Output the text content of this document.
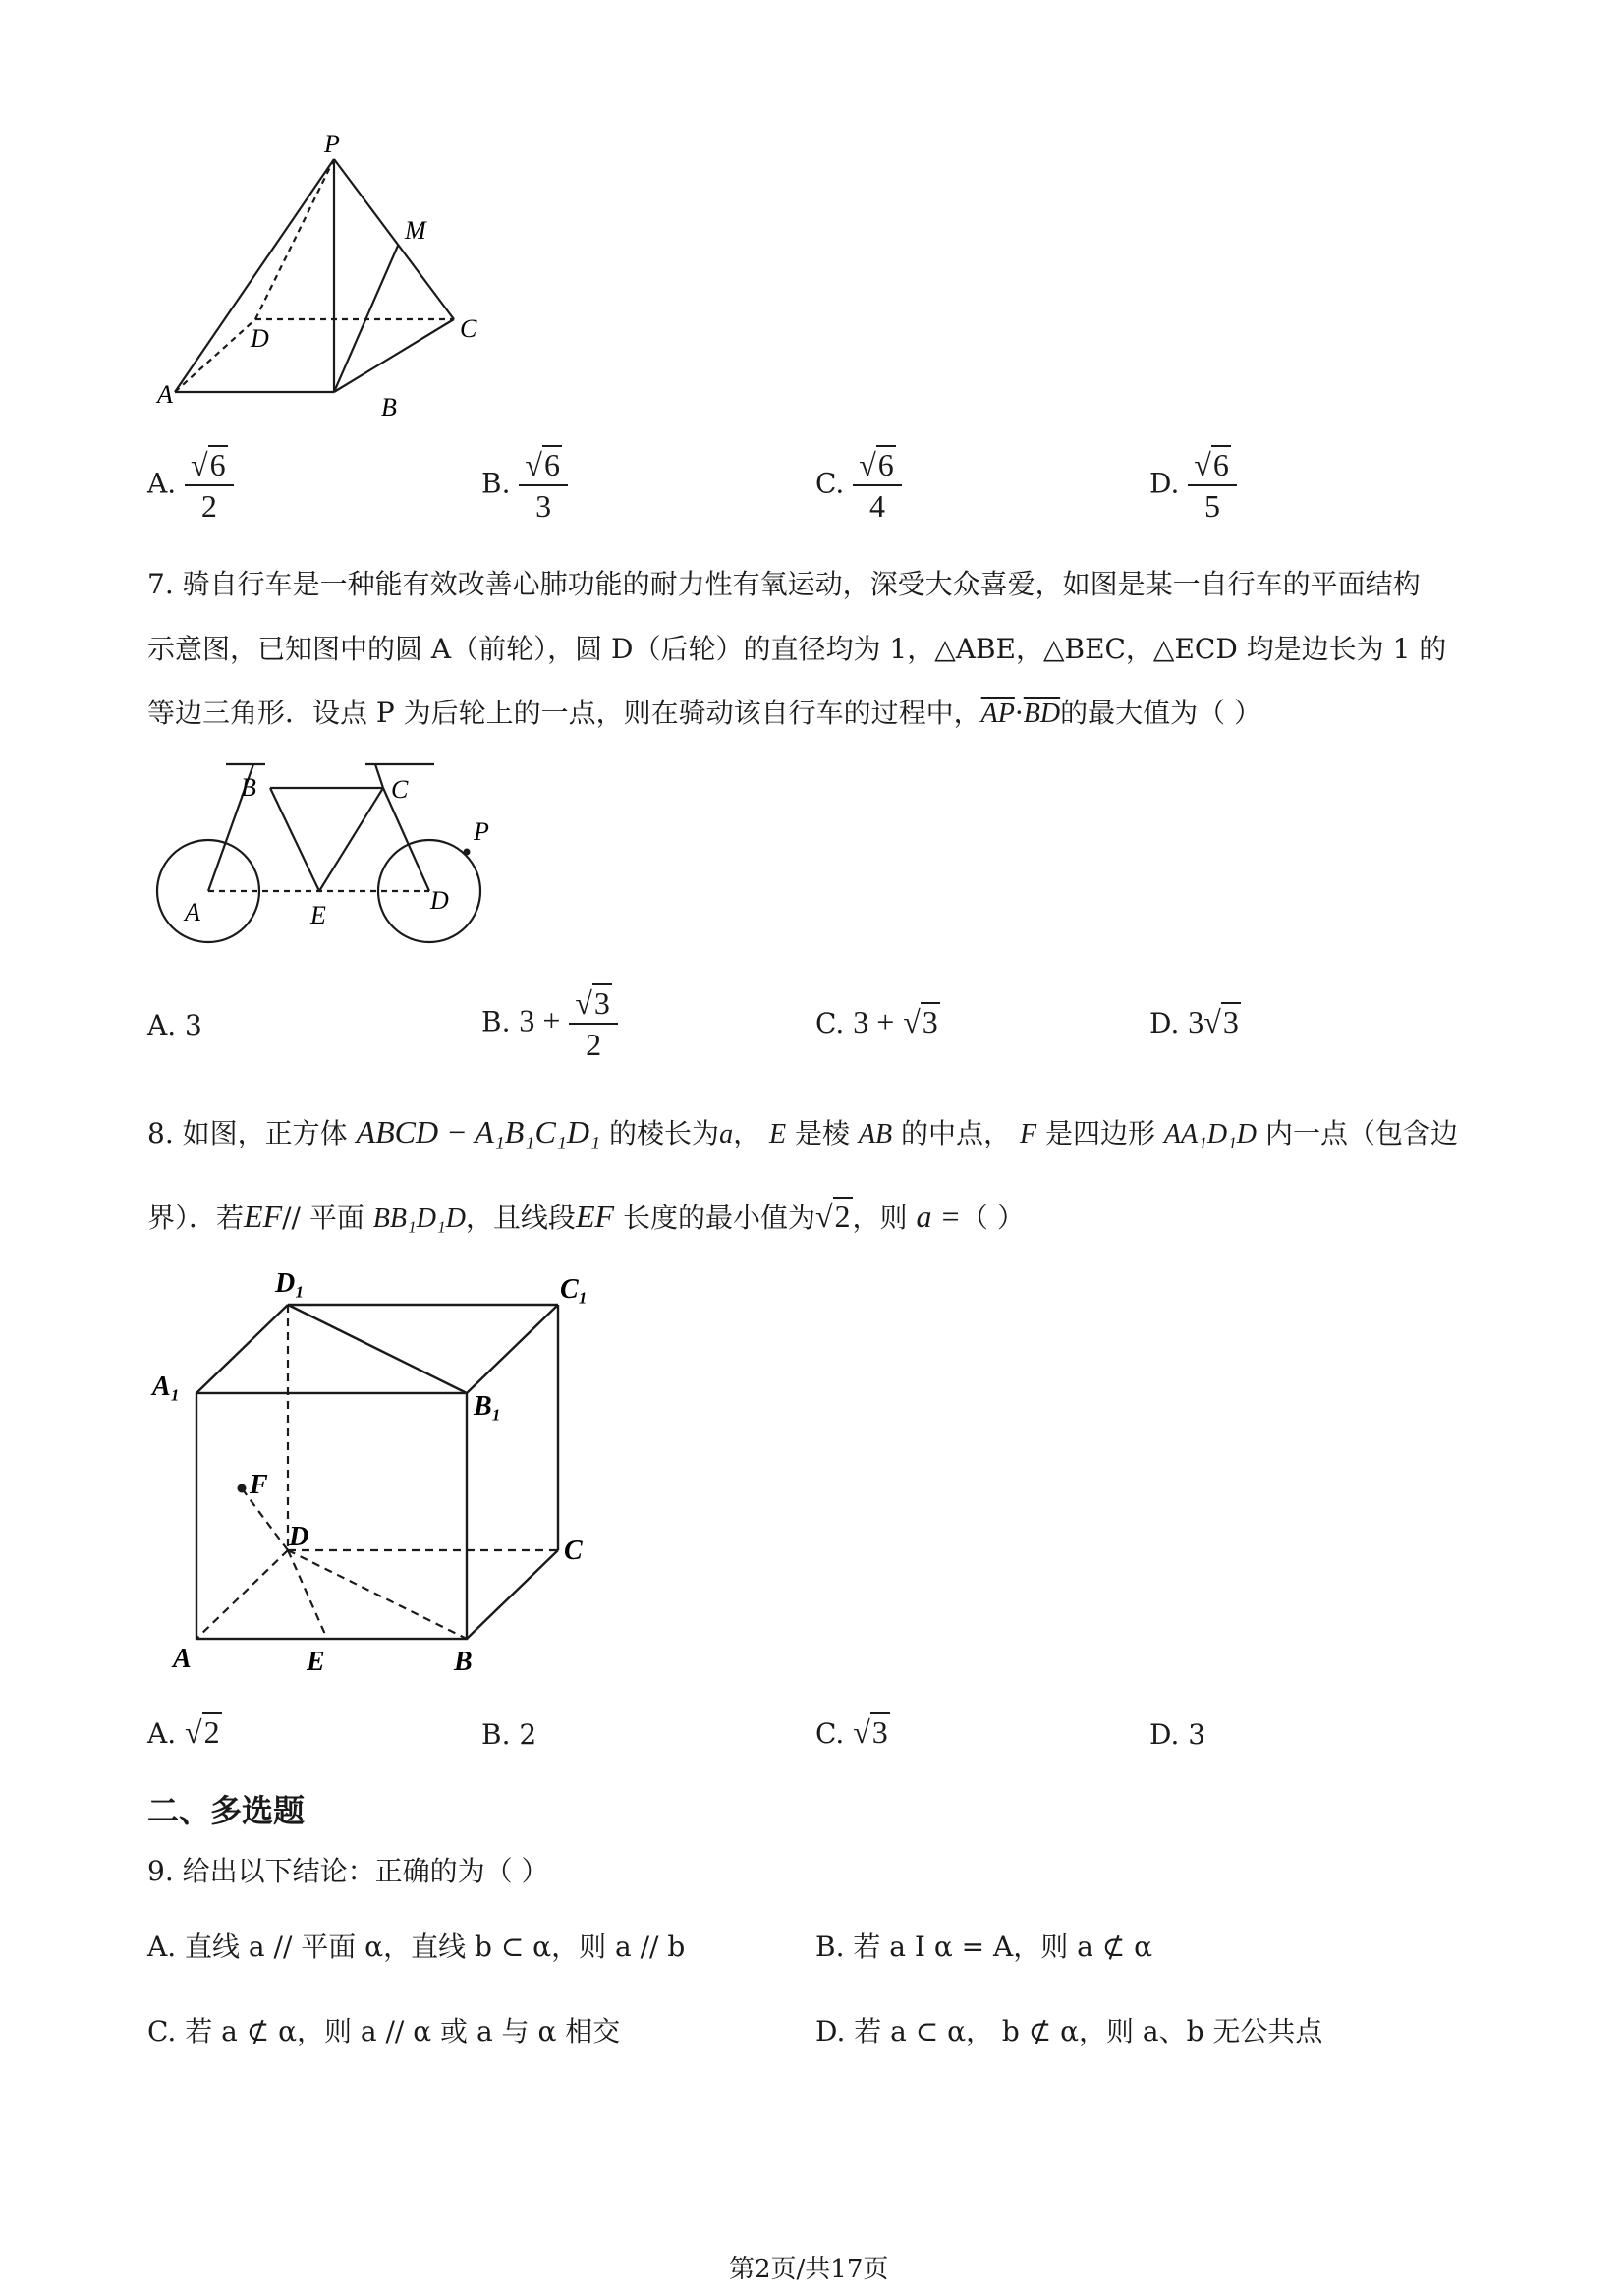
P
M
D	C
A	B
A. $\frac{√6}{2}$	B. $\frac{√6}{3}$	C. $\frac{√6}{4}$	D. $\frac{√6}{5}$
7. 骑自行车是一种能有效改善心肺功能的耐力性有氧运动，深受大众喜爱，如图是某一自行车的平面结构
示意图，已知图中的圆 A（前轮），圆 D（后轮）的直径均为 1，△ABE，△BEC，△ECD 均是边长为 1 的
等边三角形．设点 P 为后轮上的一点，则在骑动该自行车的过程中，$\overline{AP}\cdot\overline{BD}$的最大值为（ ）
B	C
P
A	E
D
A. 3	B. $3 + \frac{√3}{2}$	C. 3 + √3	D. 3√3
8. 如图，正方体 ABCD − A₁B₁C₁D₁ 的棱长为a， E 是棱 AB 的中点， F 是四边形 AA₁D₁D 内一点（包含边
界）．若EF// 平面 BB₁D₁D，且线段EF 长度的最小值为√2，则 a =（ ）
D₁	C₁
A₁
B₁
F
D	C
A	E	B
A. √2	B. 2	C. √3	D. 3
二、多选题
9. 给出以下结论：正确的为（ ）
A. 直线 a // 平面 α，直线 b ⊂ α，则 a // b	B. 若 a I α = A，则 a ⊄ α
C. 若 a ⊄ α，则 a // α 或 a 与 α 相交	D. 若 a ⊂ α， b ⊄ α，则 a、b 无公共点
第2页/共17页
